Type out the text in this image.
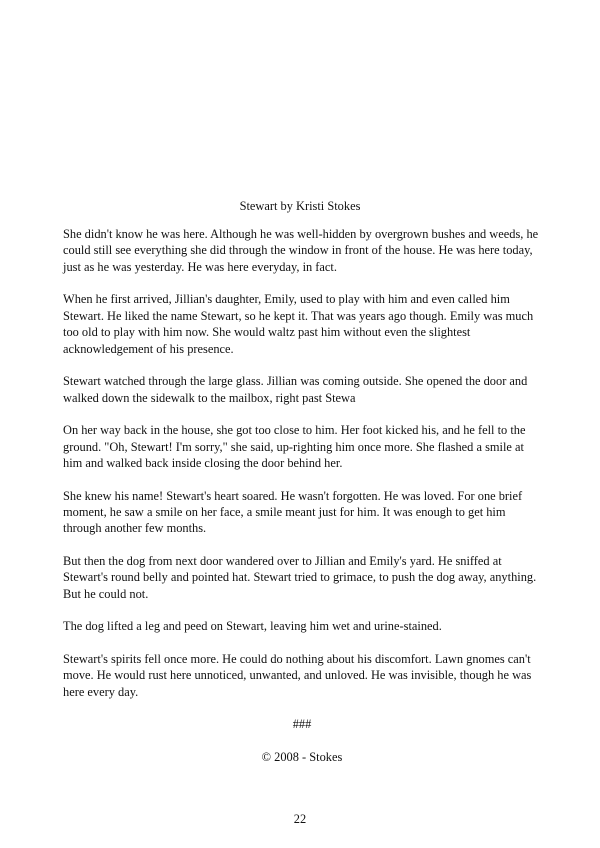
Stewart by Kristi Stokes

She didn't know he was here. Although he was well-hidden by overgrown bushes and weeds, he could still see everything she did through the window in front of the house. He was here today, just as he was yesterday. He was here everyday, in fact.

When he first arrived, Jillian's daughter, Emily, used to play with him and even called him Stewart. He liked the name Stewart, so he kept it. That was years ago though. Emily was much too old to play with him now. She would waltz past him without even the slightest acknowledgement of his presence.

Stewart watched through the large glass. Jillian was coming outside. She opened the door and walked down the sidewalk to the mailbox, right past Stewa

On her way back in the house, she got too close to him. Her foot kicked his, and he fell to the ground. "Oh, Stewart! I'm sorry," she said, up-righting him once more. She flashed a smile at him and walked back inside closing the door behind her.

She knew his name! Stewart's heart soared. He wasn't forgotten. He was loved. For one brief moment, he saw a smile on her face, a smile meant just for him. It was enough to get him through another few months.

But then the dog from next door wandered over to Jillian and Emily's yard. He sniffed at Stewart's round belly and pointed hat. Stewart tried to grimace, to push the dog away, anything. But he could not.

The dog lifted a leg and peed on Stewart, leaving him wet and urine-stained.

Stewart's spirits fell once more. He could do nothing about his discomfort. Lawn gnomes can't move. He would rust here unnoticed, unwanted, and unloved. He was invisible, though he was here every day.

###

© 2008 - Stokes

22
